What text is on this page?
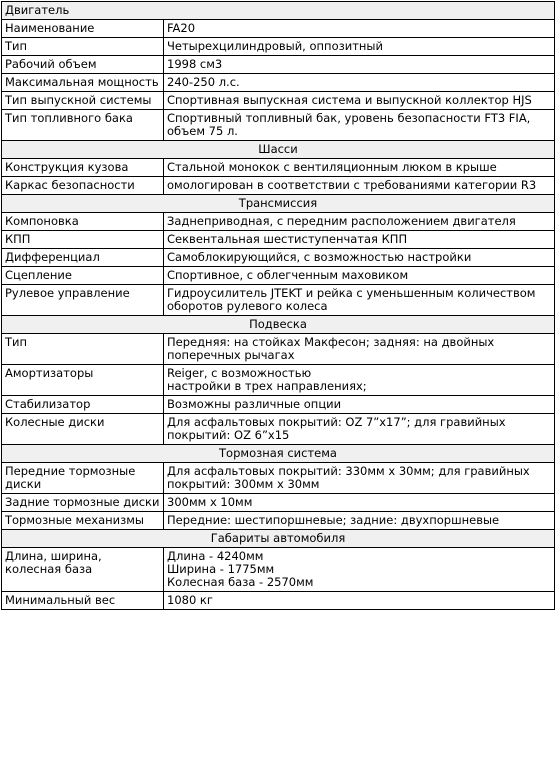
Двигатель	
Наименование	FA20
Тип	Четырехцилиндровый, оппозитный
Рабочий объем	1998 см3
Максимальная мощность	240-250 л.с.
Тип выпускной системы	Спортивная выпускная система и выпускной коллектор HJS
Тип топливного бака	Спортивный топливный бак, уровень безопасности FT3 FIA, объем 75 л.
Шасси	
Конструкция кузова	Стальной монокок с вентиляционным люком в крыше
Каркас безопасности	омологирован в соответствии с требованиями категории R3
Трансмиссия	
Компоновка	Заднеприводная, с передним расположением двигателя
КПП	Секвентальная шестиступенчатая КПП
Дифференциал	Самоблокирующийся, с возможностью настройки
Сцепление	Спортивное, с облегченным маховиком
Рулевое управление	Гидроусилитель JTEKT и рейка с уменьшенным количеством оборотов рулевого колеса
Подвеска	
Тип	Передняя: на стойках Макфесон; задняя: на двойных поперечных рычагах
Амортизаторы	Reiger, с возможностью
настройки в трех направлениях;
Стабилизатор	Возможны различные опции
Колесные диски	Для асфальтовых покрытий: OZ 7”x17”; для гравийных покрытий: OZ 6”x15
Тормозная система	
Передние тормозные диски	Для асфальтовых покрытий: 330мм x 30мм; для гравийных покрытий: 300мм x 30мм
Задние тормозные диски	300мм x 10мм
Тормозные механизмы	Передние: шестипоршневые; задние: двухпоршневые
Габариты автомобиля	
Длина, ширина, колесная база	Длина - 4240мм
Ширина - 1775мм
Колесная база - 2570мм
Минимальный вес	1080 кг
